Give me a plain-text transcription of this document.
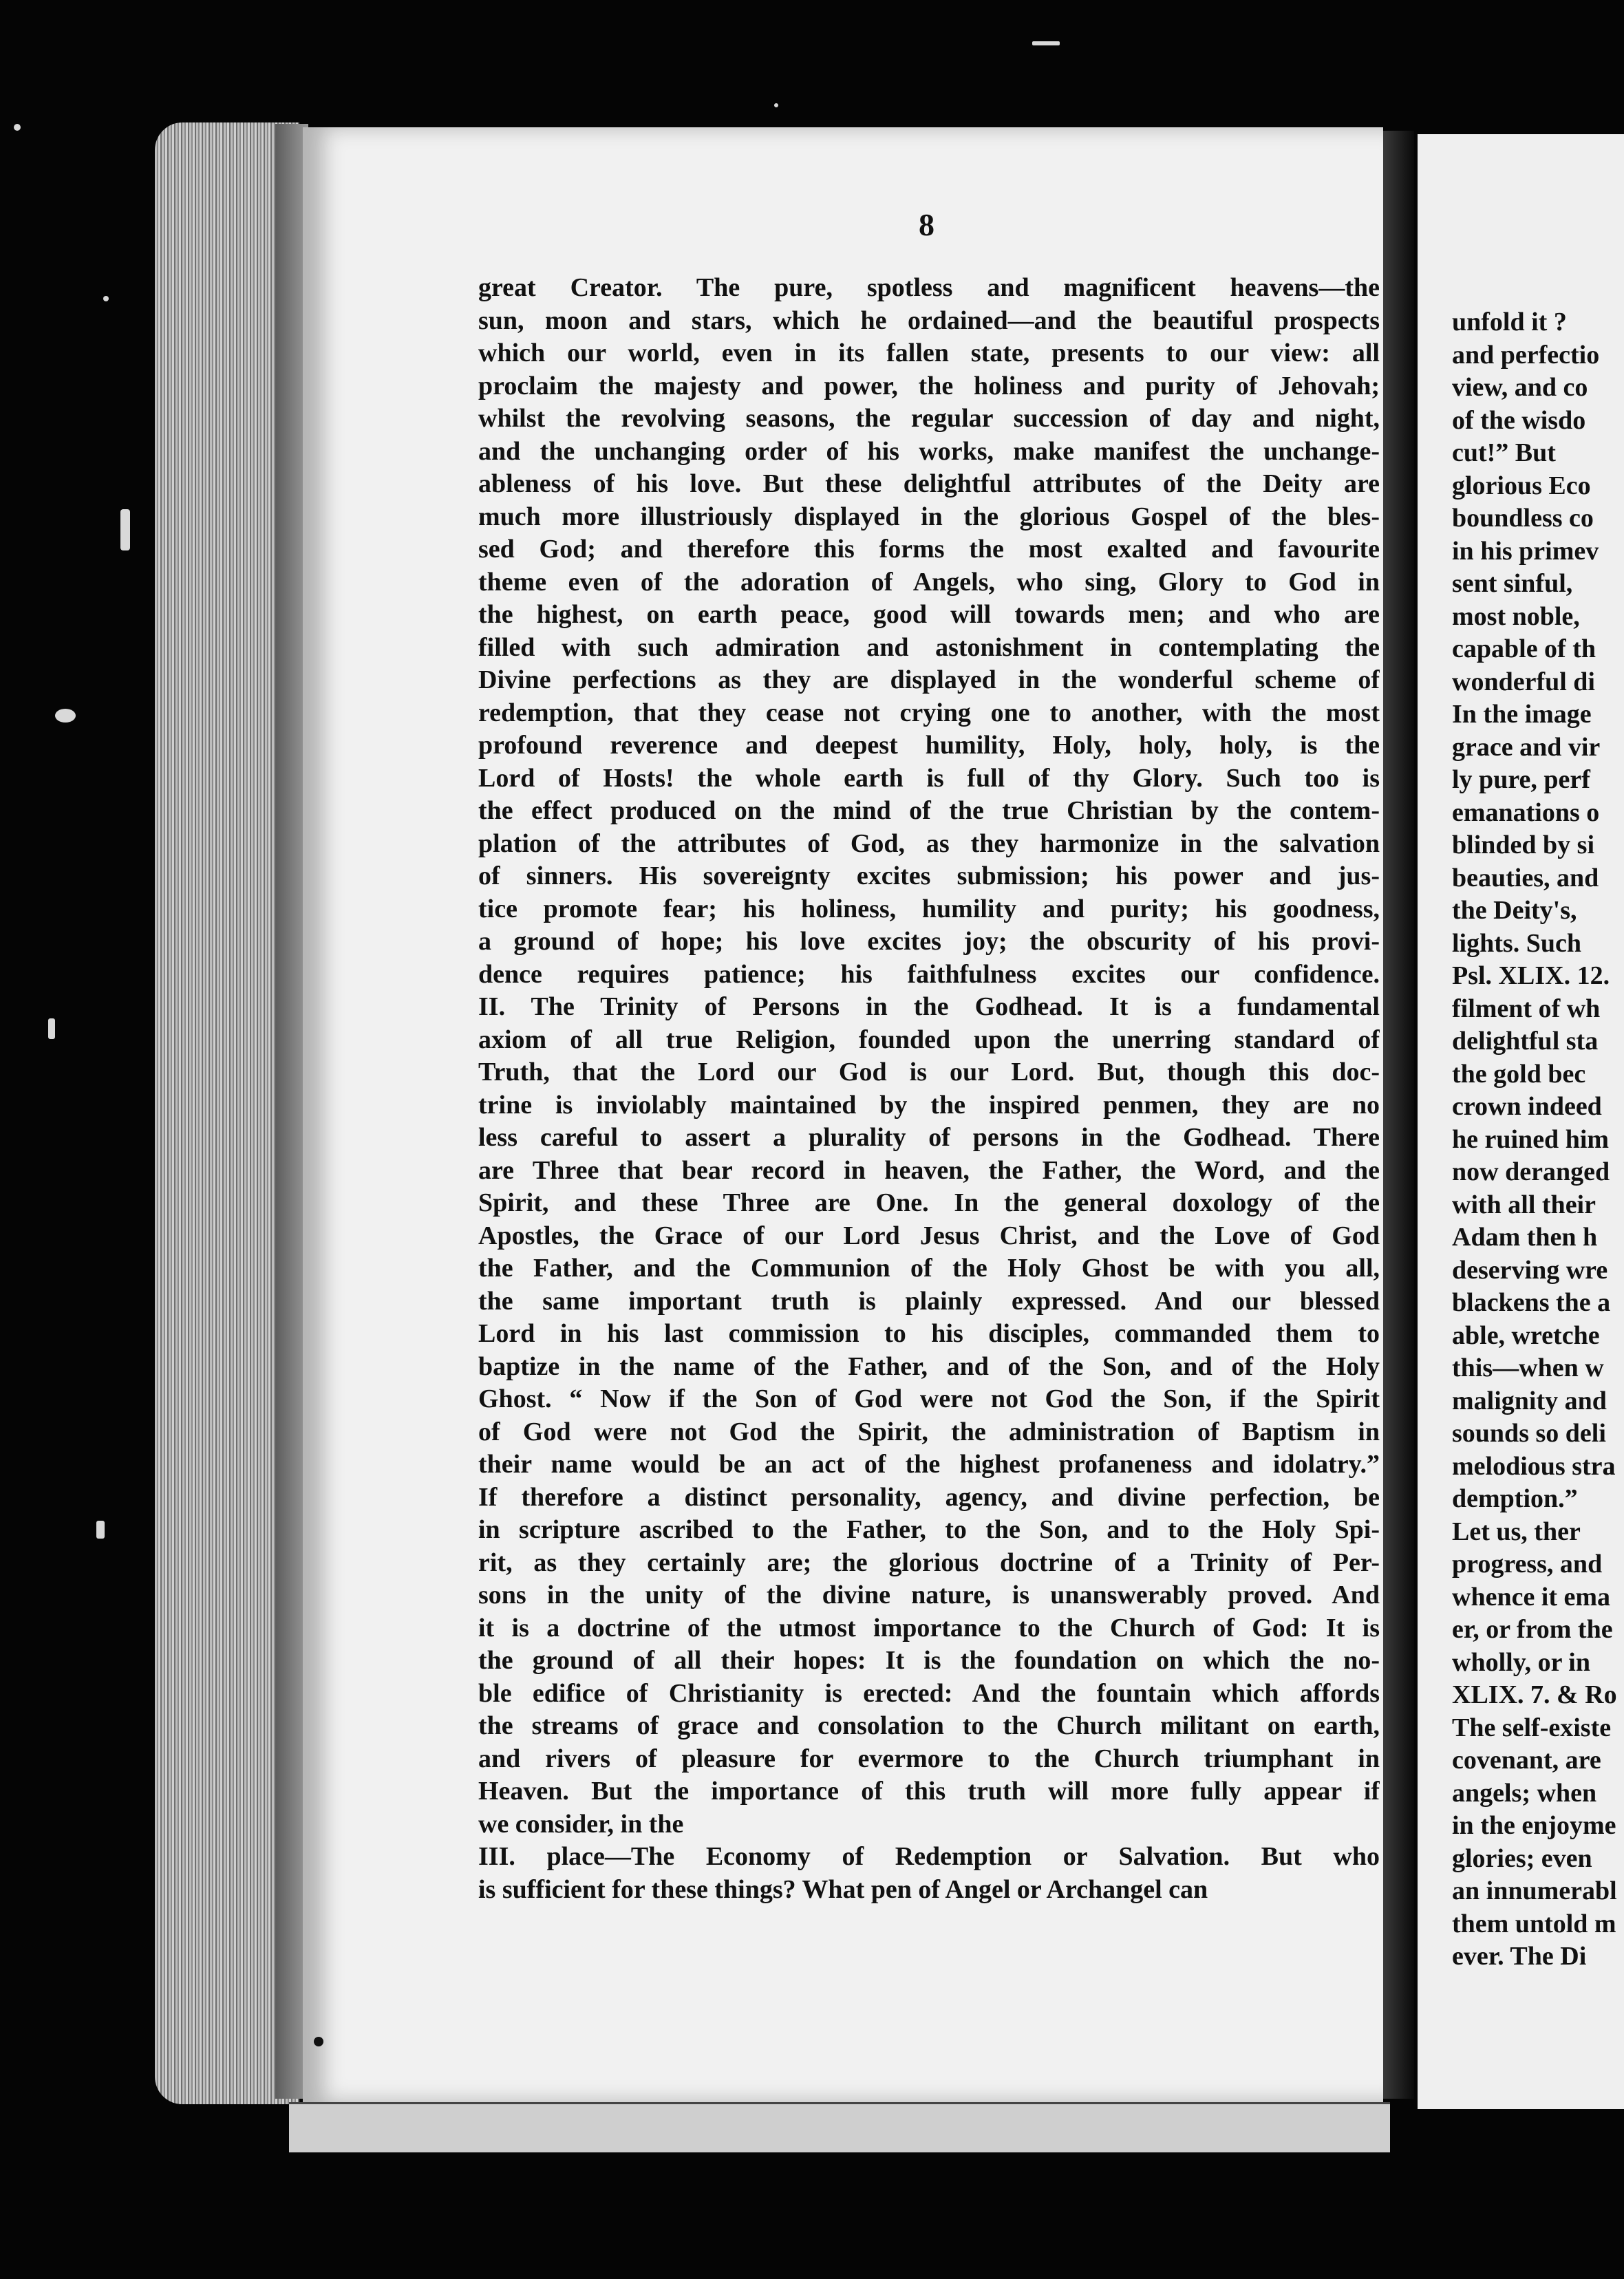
8
great Creator. The pure, spotless and magnificent heavens—the
sun, moon and stars, which he ordained—and the beautiful prospects
which our world, even in its fallen state, presents to our view: all
proclaim the majesty and power, the holiness and purity of Jehovah;
whilst the revolving seasons, the regular succession of day and night,
and the unchanging order of his works, make manifest the unchange-
ableness of his love. But these delightful attributes of the Deity are
much more illustriously displayed in the glorious Gospel of the bles-
sed God; and therefore this forms the most exalted and favourite
theme even of the adoration of Angels, who sing, Glory to God in
the highest, on earth peace, good will towards men; and who are
filled with such admiration and astonishment in contemplating the
Divine perfections as they are displayed in the wonderful scheme of
redemption, that they cease not crying one to another, with the most
profound reverence and deepest humility, Holy, holy, holy, is the
Lord of Hosts! the whole earth is full of thy Glory. Such too is
the effect produced on the mind of the true Christian by the contem-
plation of the attributes of God, as they harmonize in the salvation
of sinners. His sovereignty excites submission; his power and jus-
tice promote fear; his holiness, humility and purity; his goodness,
a ground of hope; his love excites joy; the obscurity of his provi-
dence requires patience; his faithfulness excites our confidence.
II. The Trinity of Persons in the Godhead. It is a fundamental
axiom of all true Religion, founded upon the unerring standard of
Truth, that the Lord our God is our Lord. But, though this doc-
trine is inviolably maintained by the inspired penmen, they are no
less careful to assert a plurality of persons in the Godhead. There
are Three that bear record in heaven, the Father, the Word, and the
Spirit, and these Three are One. In the general doxology of the
Apostles, the Grace of our Lord Jesus Christ, and the Love of God
the Father, and the Communion of the Holy Ghost be with you all,
the same important truth is plainly expressed. And our blessed
Lord in his last commission to his disciples, commanded them to
baptize in the name of the Father, and of the Son, and of the Holy
Ghost. “ Now if the Son of God were not God the Son, if the Spirit
of God were not God the Spirit, the administration of Baptism in
their name would be an act of the highest profaneness and idolatry.”
If therefore a distinct personality, agency, and divine perfection, be
in scripture ascribed to the Father, to the Son, and to the Holy Spi-
rit, as they certainly are; the glorious doctrine of a Trinity of Per-
sons in the unity of the divine nature, is unanswerably proved. And
it is a doctrine of the utmost importance to the Church of God: It is
the ground of all their hopes: It is the foundation on which the no-
ble edifice of Christianity is erected: And the fountain which affords
the streams of grace and consolation to the Church militant on earth,
and rivers of pleasure for evermore to the Church triumphant in
Heaven. But the importance of this truth will more fully appear if
we consider, in the
III. place—The Economy of Redemption or Salvation. But who
is sufficient for these things? What pen of Angel or Archangel can
unfold it ?
and perfectio
view, and co
of the wisdo
cut!” But
glorious Eco
boundless co
in his primev
sent sinful,
most noble,
capable of th
wonderful di
In the image
grace and vir
ly pure, perf
emanations o
blinded by si
beauties, and
the Deity's,
lights. Such
Psl. XLIX. 12.
filment of wh
delightful sta
the gold bec
crown indeed
he ruined him
now deranged
with all their
Adam then h
deserving wre
blackens the a
able, wretche
this—when w
malignity and
sounds so deli
melodious stra
demption.”
Let us, ther
progress, and
whence it ema
er, or from the
wholly, or in
XLIX. 7. & Ro
The self-existe
covenant, are
angels; when
in the enjoyme
glories; even
an innumerabl
them untold m
ever. The Di
